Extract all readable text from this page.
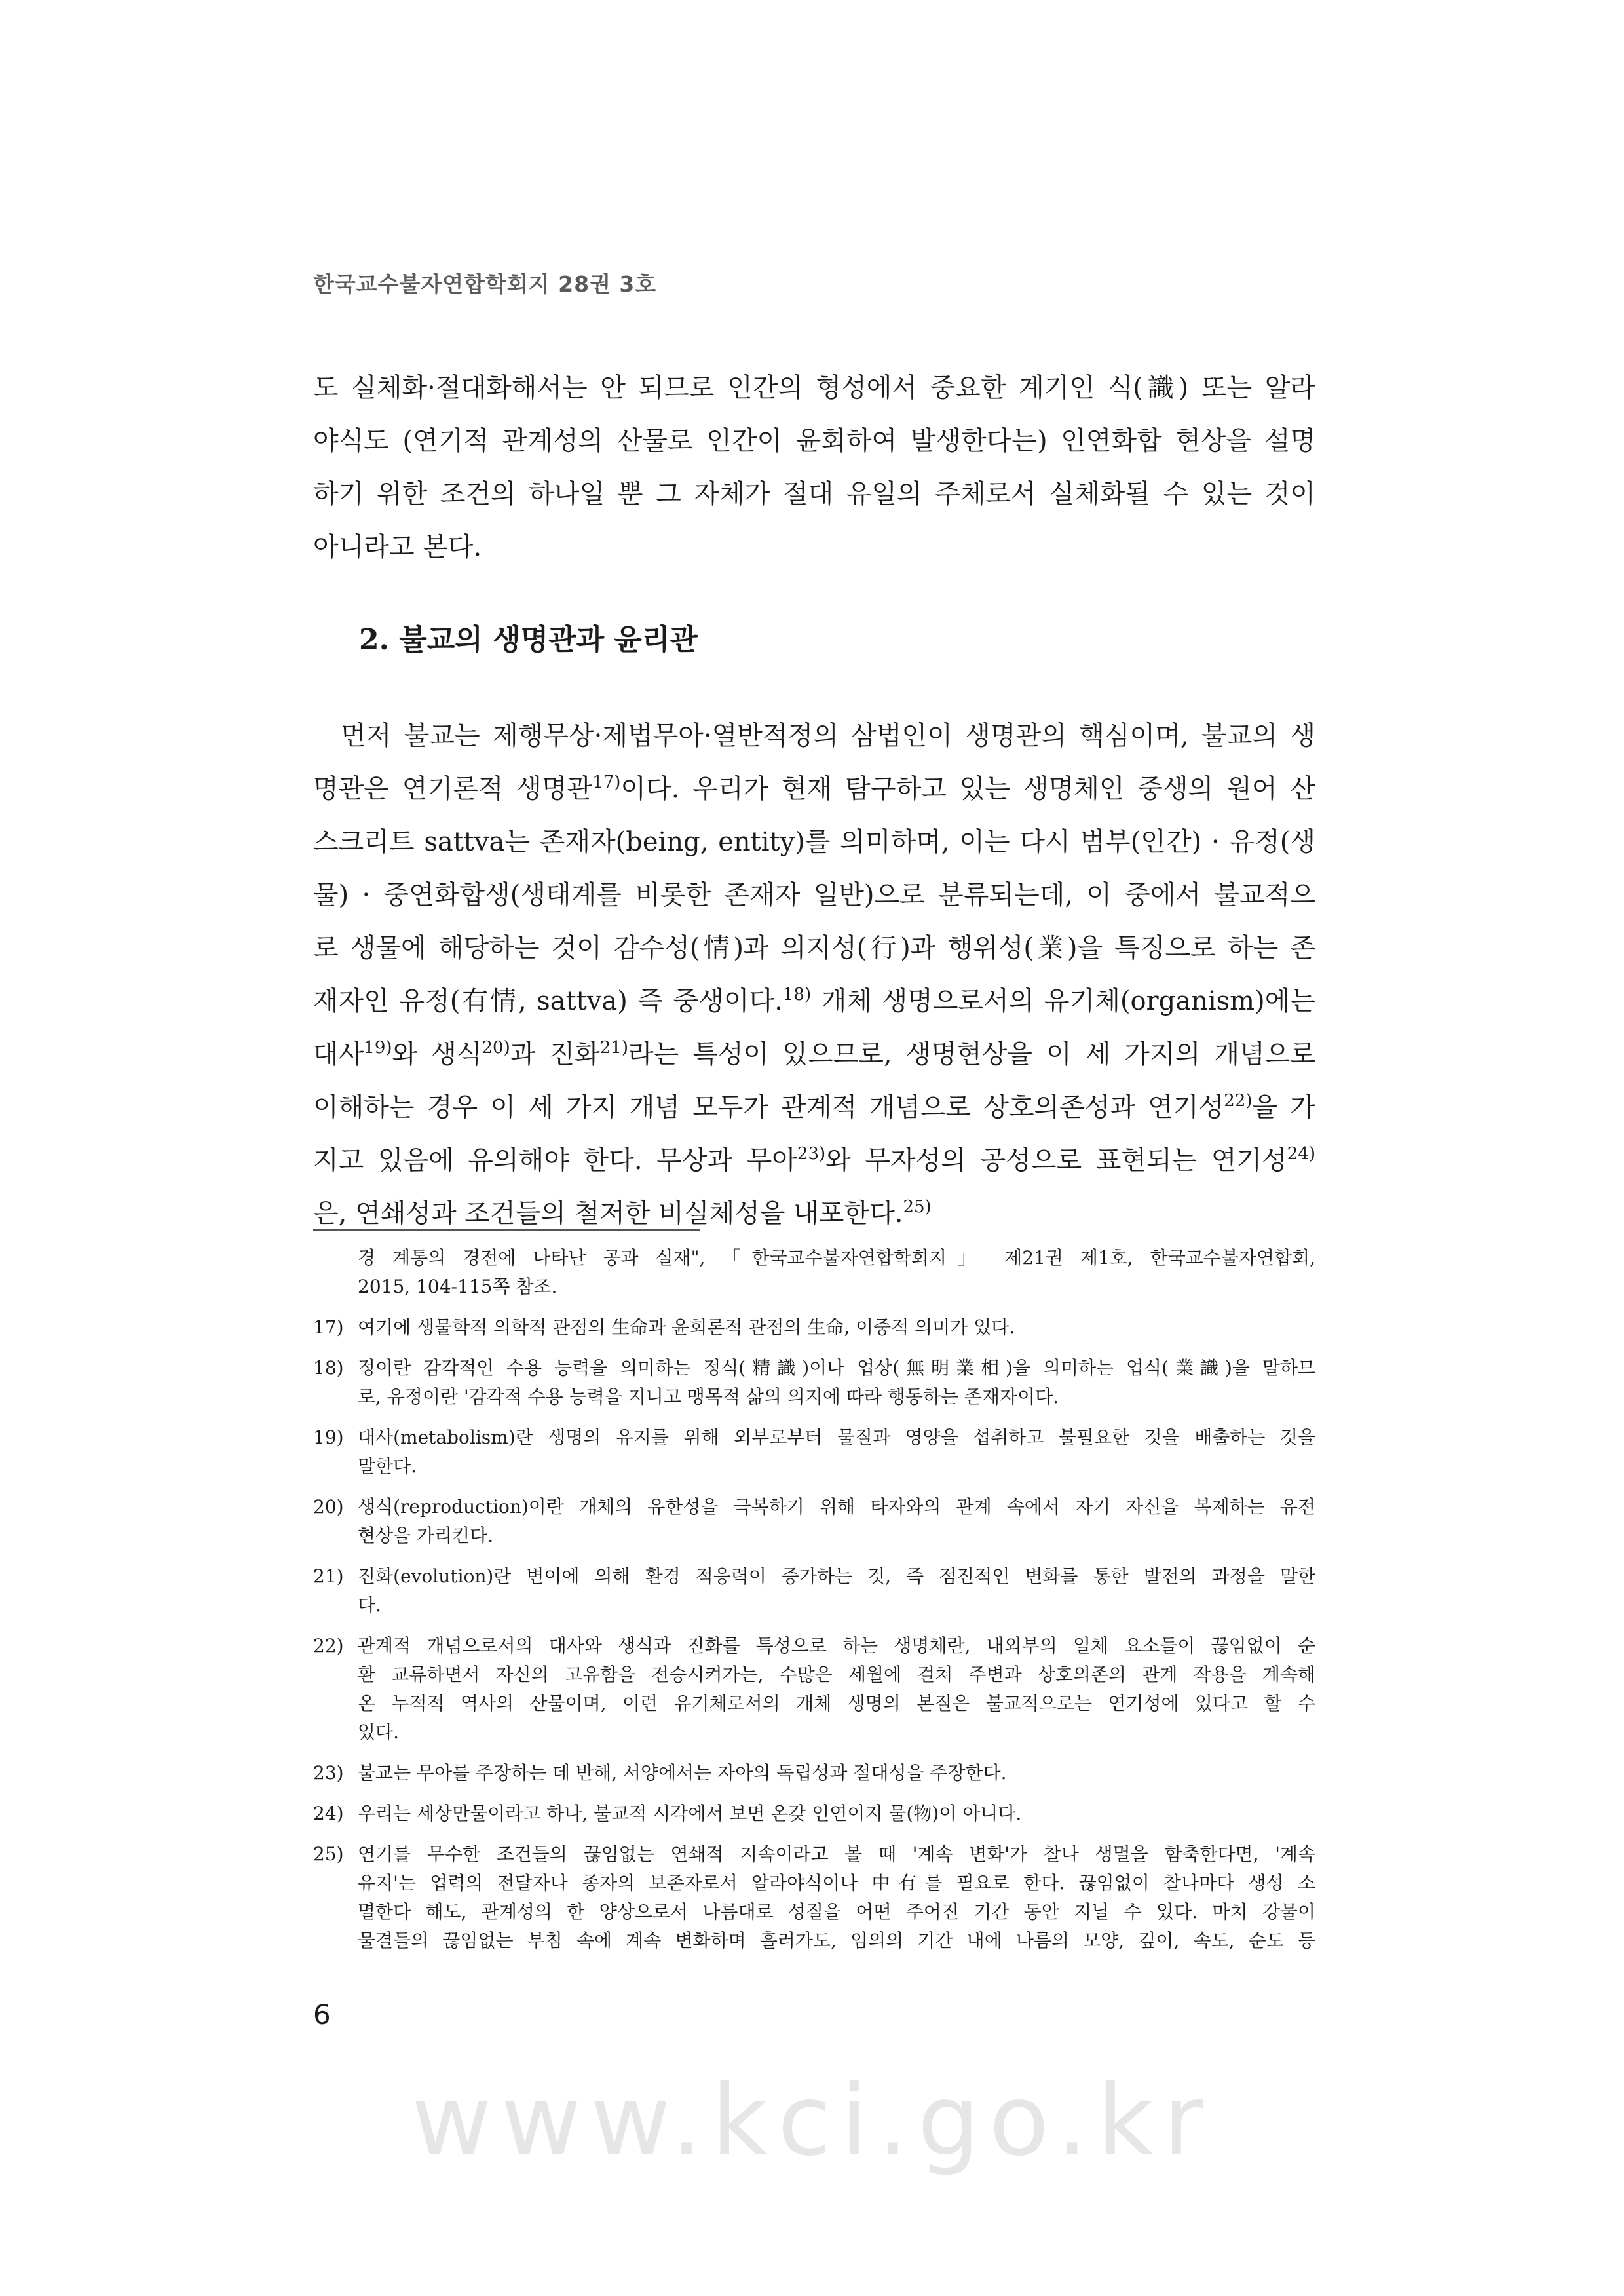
한국교수불자연합학회지 28권 3호
도 실체화·절대화해서는 안 되므로 인간의 형성에서 중요한 계기인 식(識) 또는 알라
야식도 (연기적 관계성의 산물로 인간이 윤회하여 발생한다는) 인연화합 현상을 설명
하기 위한 조건의 하나일 뿐 그 자체가 절대 유일의 주체로서 실체화될 수 있는 것이
아니라고 본다.
2. 불교의 생명관과 윤리관
먼저 불교는 제행무상·제법무아·열반적정의 삼법인이 생명관의 핵심이며, 불교의 생
명관은 연기론적 생명관$^{17)}$이다. 우리가 현재 탐구하고 있는 생명체인 중생의 원어 산
스크리트 sattva는 존재자(being, entity)를 의미하며, 이는 다시 범부(인간) · 유정(생
물) · 중연화합생(생태계를 비롯한 존재자 일반)으로 분류되는데, 이 중에서 불교적으
로 생물에 해당하는 것이 감수성(情)과 의지성(行)과 행위성(業)을 특징으로 하는 존
재자인 유정(有情, sattva) 즉 중생이다.$^{18)}$ 개체 생명으로서의 유기체(organism)에는
대사$^{19)}$와 생식$^{20)}$과 진화$^{21)}$라는 특성이 있으므로, 생명현상을 이 세 가지의 개념으로
이해하는 경우 이 세 가지 개념 모두가 관계적 개념으로 상호의존성과 연기성$^{22)}$을 가
지고 있음에 유의해야 한다. 무상과 무아$^{23)}$와 무자성의 공성으로 표현되는 연기성$^{24)}$
은, 연쇄성과 조건들의 철저한 비실체성을 내포한다.$^{25)}$
경 계통의 경전에 나타난 공과 실재", 「한국교수불자연합학회지」 제21권 제1호, 한국교수불자연합회,
2015, 104-115쪽 참조.
17) 여기에 생물학적 의학적 관점의 生命과 윤회론적 관점의 生命, 이중적 의미가 있다.
18) 정이란 감각적인 수용 능력을 의미하는 정식(精識)이나 업상(無明業相)을 의미하는 업식(業識)을 말하므
로, 유정이란 '감각적 수용 능력을 지니고 맹목적 삶의 의지에 따라 행동하는 존재자이다.
19) 대사(metabolism)란 생명의 유지를 위해 외부로부터 물질과 영양을 섭취하고 불필요한 것을 배출하는 것을
말한다.
20) 생식(reproduction)이란 개체의 유한성을 극복하기 위해 타자와의 관계 속에서 자기 자신을 복제하는 유전
현상을 가리킨다.
21) 진화(evolution)란 변이에 의해 환경 적응력이 증가하는 것, 즉 점진적인 변화를 통한 발전의 과정을 말한
다.
22) 관계적 개념으로서의 대사와 생식과 진화를 특성으로 하는 생명체란, 내외부의 일체 요소들이 끊임없이 순
환 교류하면서 자신의 고유함을 전승시켜가는, 수많은 세월에 걸쳐 주변과 상호의존의 관계 작용을 계속해
온 누적적 역사의 산물이며, 이런 유기체로서의 개체 생명의 본질은 불교적으로는 연기성에 있다고 할 수
있다.
23) 불교는 무아를 주장하는 데 반해, 서양에서는 자아의 독립성과 절대성을 주장한다.
24) 우리는 세상만물이라고 하나, 불교적 시각에서 보면 온갖 인연이지 물(物)이 아니다.
25) 연기를 무수한 조건들의 끊임없는 연쇄적 지속이라고 볼 때 '계속 변화'가 찰나 생멸을 함축한다면, '계속
유지'는 업력의 전달자나 종자의 보존자로서 알라야식이나 中有를 필요로 한다. 끊임없이 찰나마다 생성 소
멸한다 해도, 관계성의 한 양상으로서 나름대로 성질을 어떤 주어진 기간 동안 지닐 수 있다. 마치 강물이
물결들의 끊임없는 부침 속에 계속 변화하며 흘러가도, 임의의 기간 내에 나름의 모양, 깊이, 속도, 순도 등
6
www.kci.go.kr
